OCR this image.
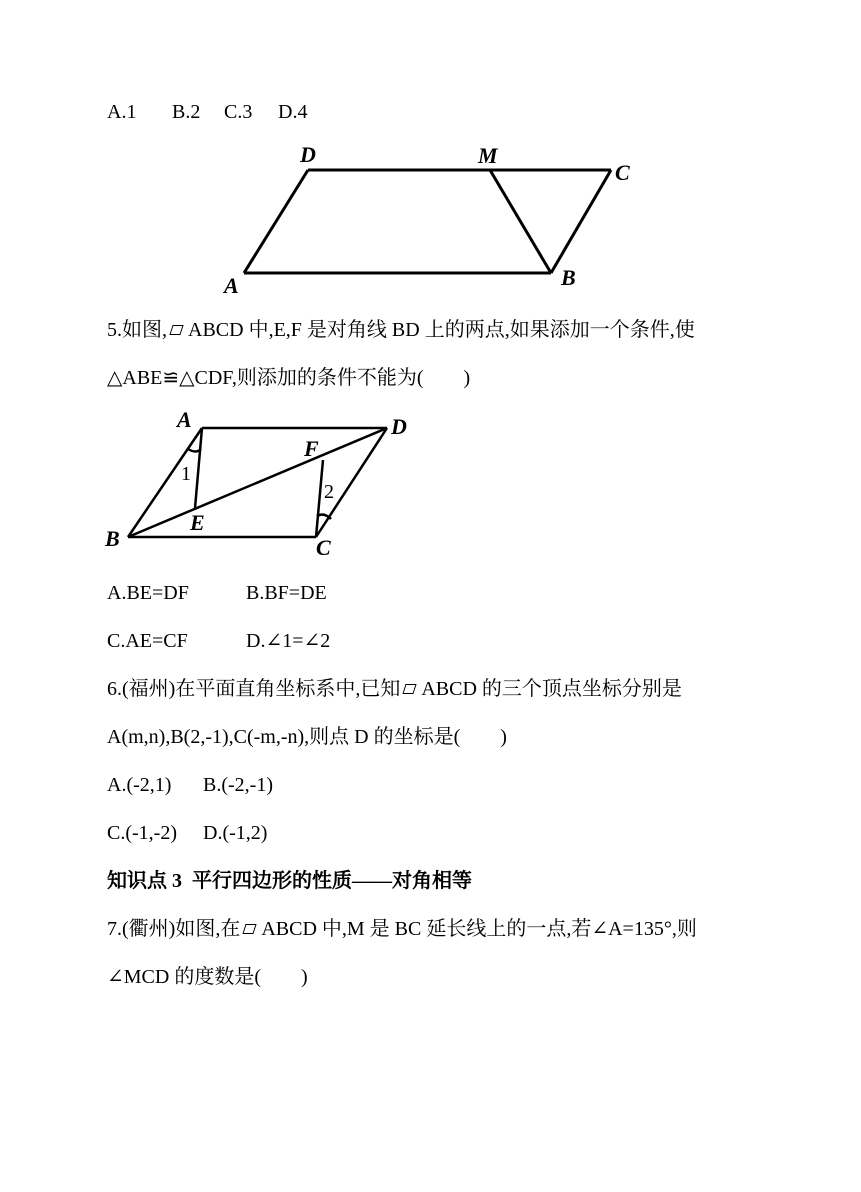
A.1 B.2 C.3 D.4
D	M
C
A	B
A	D
F
1
2
E
B	C
5.如图, ABCD 中,E,F 是对角线 BD 上的两点,如果添加一个条件,使
△ABE≌△CDF,则添加的条件不能为(        )
A.BE=DF	B.BF=DE
C.AE=CF	D.∠1=∠2
6.(福州)在平面直角坐标系中,已知 ABCD 的三个顶点坐标分别是
A(m,n),B(2,-1),C(-m,-n),则点 D 的坐标是(        )
A.(-2,1) B.(-2,-1)
C.(-1,-2) D.(-1,2)
知识点 3  平行四边形的性质——对角相等
7.(衢州)如图,在 ABCD 中,M 是 BC 延长线上的一点,若∠A=135°,则
∠MCD 的度数是(        )
